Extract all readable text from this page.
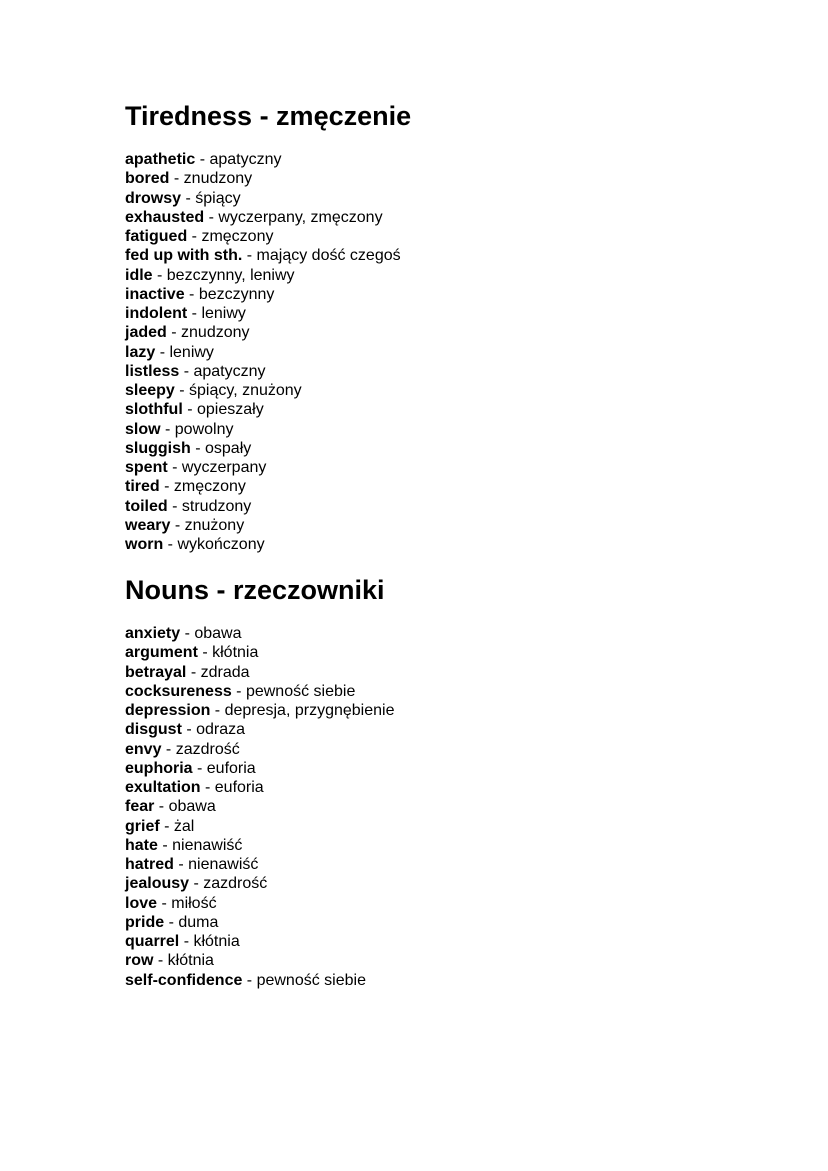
Tiredness - zmęczenie
apathetic - apatyczny
bored - znudzony
drowsy - śpiący
exhausted - wyczerpany, zmęczony
fatigued - zmęczony
fed up with sth. - mający dość czegoś
idle - bezczynny, leniwy
inactive - bezczynny
indolent - leniwy
jaded - znudzony
lazy - leniwy
listless - apatyczny
sleepy - śpiący, znużony
slothful - opieszały
slow - powolny
sluggish - ospały
spent - wyczerpany
tired - zmęczony
toiled - strudzony
weary - znużony
worn - wykończony
Nouns - rzeczowniki
anxiety - obawa
argument - kłótnia
betrayal - zdrada
cocksureness - pewność siebie
depression - depresja, przygnębienie
disgust - odraza
envy - zazdrość
euphoria - euforia
exultation - euforia
fear - obawa
grief - żal
hate - nienawiść
hatred - nienawiść
jealousy - zazdrość
love - miłość
pride - duma
quarrel - kłótnia
row - kłótnia
self-confidence - pewność siebie
